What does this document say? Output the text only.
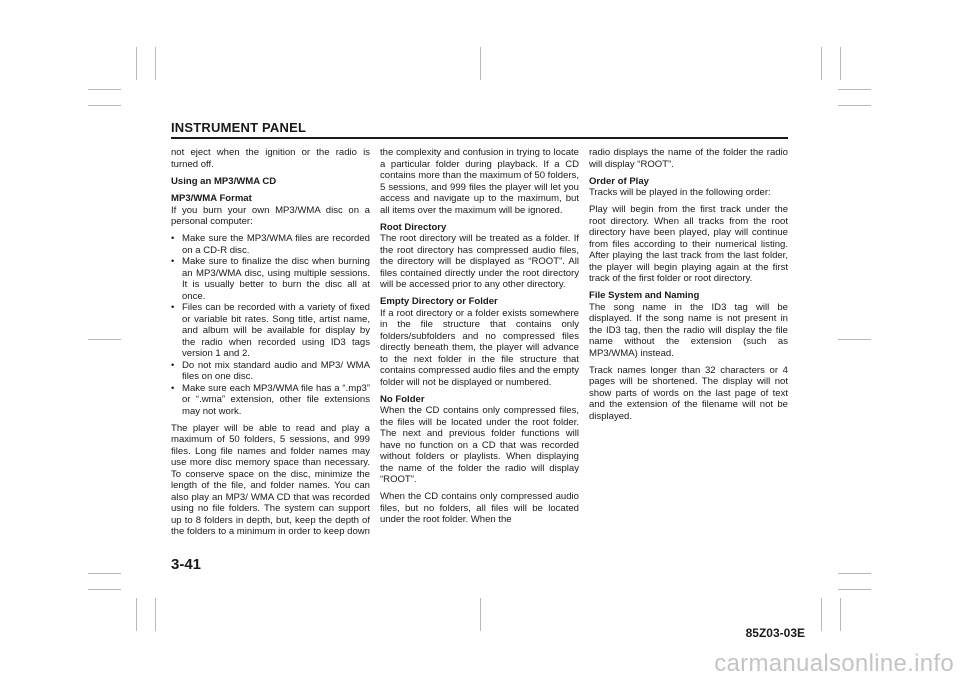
INSTRUMENT PANEL

not eject when the ignition or the radio is turned off.

Using an MP3/WMA CD
MP3/WMA Format

If you burn your own MP3/WMA disc on a personal computer:

• Make sure the MP3/WMA files are recorded on a CD-R disc.
• Make sure to finalize the disc when burning an MP3/WMA disc, using multiple sessions. It is usually better to burn the disc all at once.
• Files can be recorded with a variety of fixed or variable bit rates. Song title, artist name, and album will be available for display by the radio when recorded using ID3 tags version 1 and 2.
• Do not mix standard audio and MP3/ WMA files on one disc.
• Make sure each MP3/WMA file has a “.mp3” or “.wma” extension, other file extensions may not work.

The player will be able to read and play a maximum of 50 folders, 5 sessions, and 999 files. Long file names and folder names may use more disc memory space than necessary. To conserve space on the disc, minimize the length of the file, and folder names. You can also play an MP3/ WMA CD that was recorded using no file folders. The system can support up to 8 folders in depth, but, keep the depth of the folders to a minimum in order to keep down

the complexity and confusion in trying to locate a particular folder during playback. If a CD contains more than the maximum of 50 folders, 5 sessions, and 999 files the player will let you access and navigate up to the maximum, but all items over the maximum will be ignored.

Root Directory

The root directory will be treated as a folder. If the root directory has compressed audio files, the directory will be displayed as “ROOT”. All files contained directly under the root directory will be accessed prior to any other directory.

Empty Directory or Folder

If a root directory or a folder exists somewhere in the file structure that contains only folders/subfolders and no compressed files directly beneath them, the player will advance to the next folder in the file structure that contains compressed audio files and the empty folder will not be displayed or numbered.

No Folder

When the CD contains only compressed files, the files will be located under the root folder. The next and previous folder functions will have no function on a CD that was recorded without folders or playlists. When displaying the name of the folder the radio will display “ROOT”.

When the CD contains only compressed audio files, but no folders, all files will be located under the root folder. When the

radio displays the name of the folder the radio will display “ROOT”.

Order of Play

Tracks will be played in the following order:

Play will begin from the first track under the root directory. When all tracks from the root directory have been played, play will continue from files according to their numerical listing. After playing the last track from the last folder, the player will begin playing again at the first track of the first folder or root directory.

File System and Naming

The song name in the ID3 tag will be displayed. If the song name is not present in the ID3 tag, then the radio will display the file name without the extension (such as MP3/WMA) instead.

Track names longer than 32 characters or 4 pages will be shortened. The display will not show parts of words on the last page of text and the extension of the filename will not be displayed.

3-41
85Z03-03E
carmanualsonline.info
